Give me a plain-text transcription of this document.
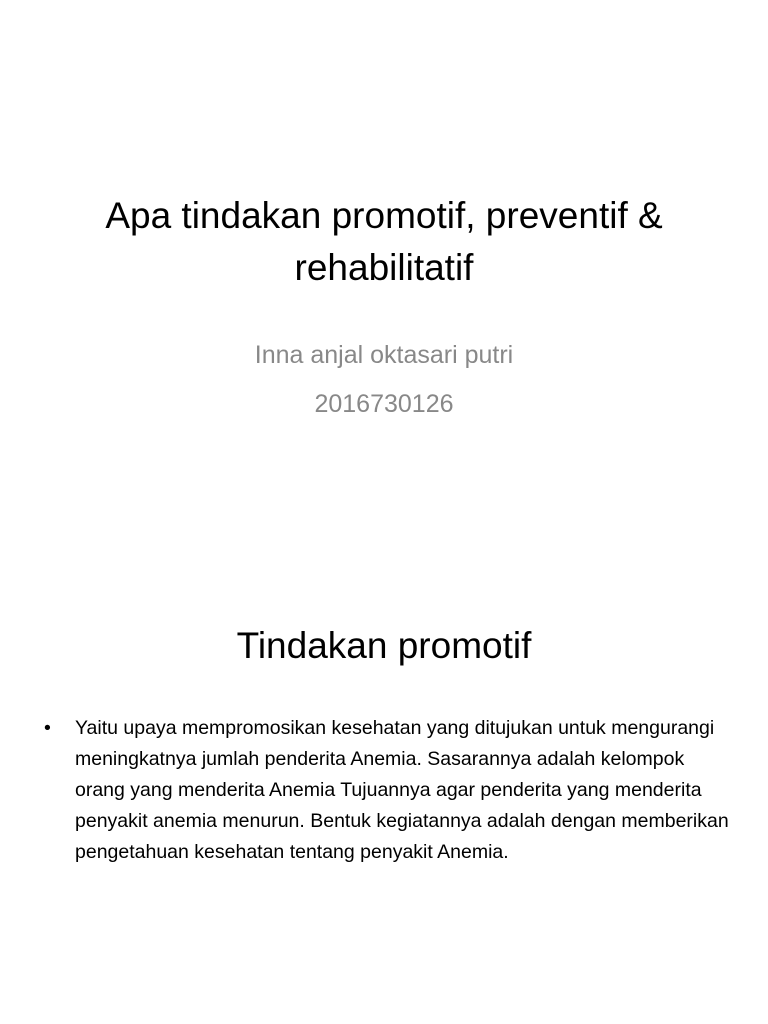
Apa tindakan promotif, preventif & rehabilitatif
Inna anjal oktasari putri
2016730126
Tindakan promotif
• Yaitu upaya mempromosikan kesehatan yang ditujukan untuk mengurangi meningkatnya jumlah penderita Anemia. Sasarannya adalah kelompok orang yang menderita Anemia Tujuannya agar penderita yang menderita penyakit anemia menurun. Bentuk kegiatannya adalah dengan memberikan pengetahuan kesehatan tentang penyakit Anemia.
